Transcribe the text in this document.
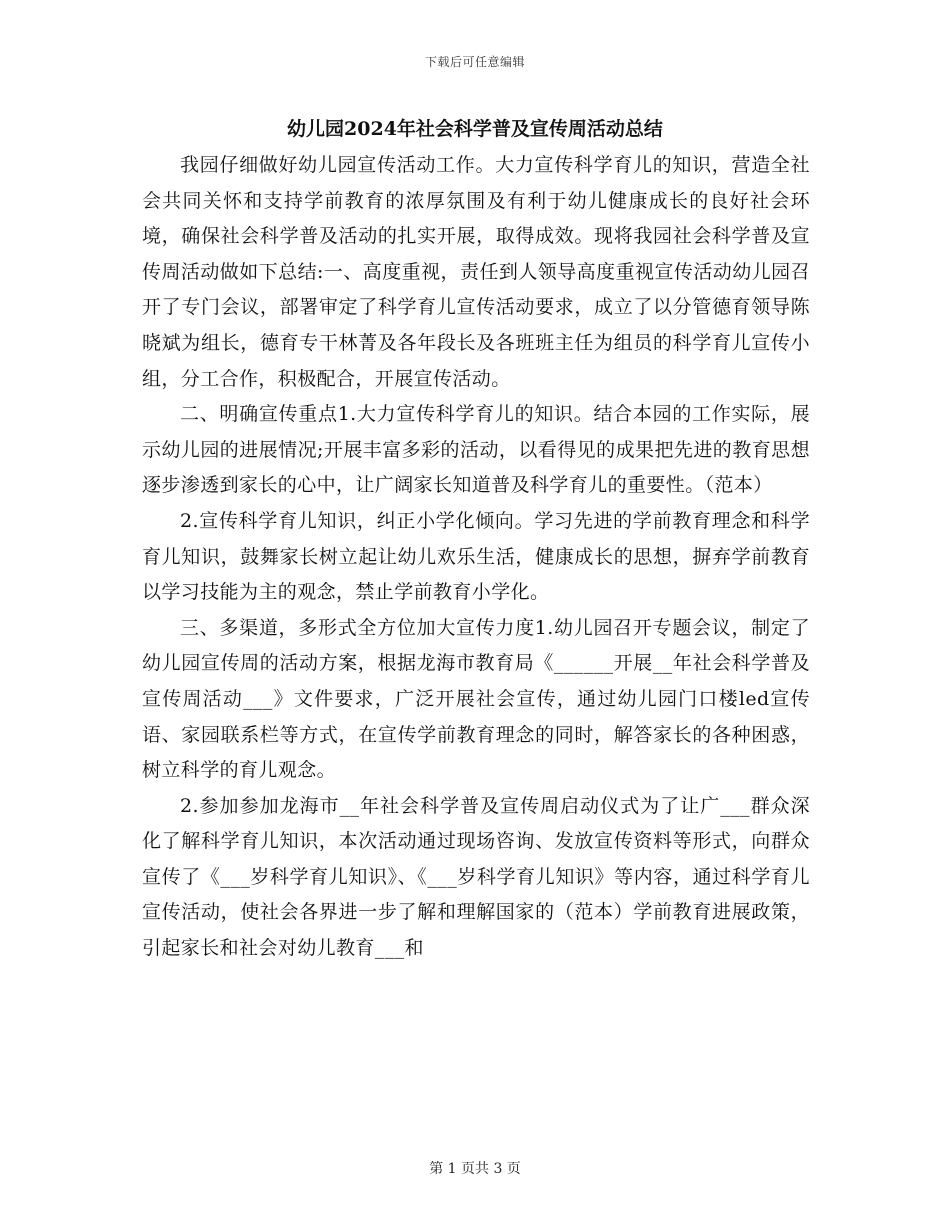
下载后可任意编辑
幼儿园2024年社会科学普及宣传周活动总结

我园仔细做好幼儿园宣传活动工作。大力宣传科学育儿的知识，营造全社会共同关怀和支持学前教育的浓厚氛围及有利于幼儿健康成长的良好社会环境，确保社会科学普及活动的扎实开展，取得成效。现将我园社会科学普及宣传周活动做如下总结:一、高度重视，责任到人领导高度重视宣传活动幼儿园召开了专门会议，部署审定了科学育儿宣传活动要求，成立了以分管德育领导陈晓斌为组长，德育专干林菁及各年段长及各班班主任为组员的科学育儿宣传小组，分工合作，积极配合，开展宣传活动。

二、明确宣传重点1.大力宣传科学育儿的知识。结合本园的工作实际，展示幼儿园的进展情况;开展丰富多彩的活动，以看得见的成果把先进的教育思想逐步渗透到家长的心中，让广阔家长知道普及科学育儿的重要性。（范本）

2.宣传科学育儿知识，纠正小学化倾向。学习先进的学前教育理念和科学育儿知识，鼓舞家长树立起让幼儿欢乐生活，健康成长的思想，摒弃学前教育以学习技能为主的观念，禁止学前教育小学化。

三、多渠道，多形式全方位加大宣传力度1.幼儿园召开专题会议，制定了幼儿园宣传周的活动方案，根据龙海市教育局《______开展__年社会科学普及宣传周活动___》文件要求，广泛开展社会宣传，通过幼儿园门口楼led宣传语、家园联系栏等方式，在宣传学前教育理念的同时，解答家长的各种困惑，树立科学的育儿观念。

2.参加参加龙海市__年社会科学普及宣传周启动仪式为了让广___群众深化了解科学育儿知识，本次活动通过现场咨询、发放宣传资料等形式，向群众宣传了《___岁科学育儿知识》、《___岁科学育儿知识》等内容，通过科学育儿宣传活动，使社会各界进一步了解和理解国家的（范本）学前教育进展政策，引起家长和社会对幼儿教育___和

第 1 页共 3 页
